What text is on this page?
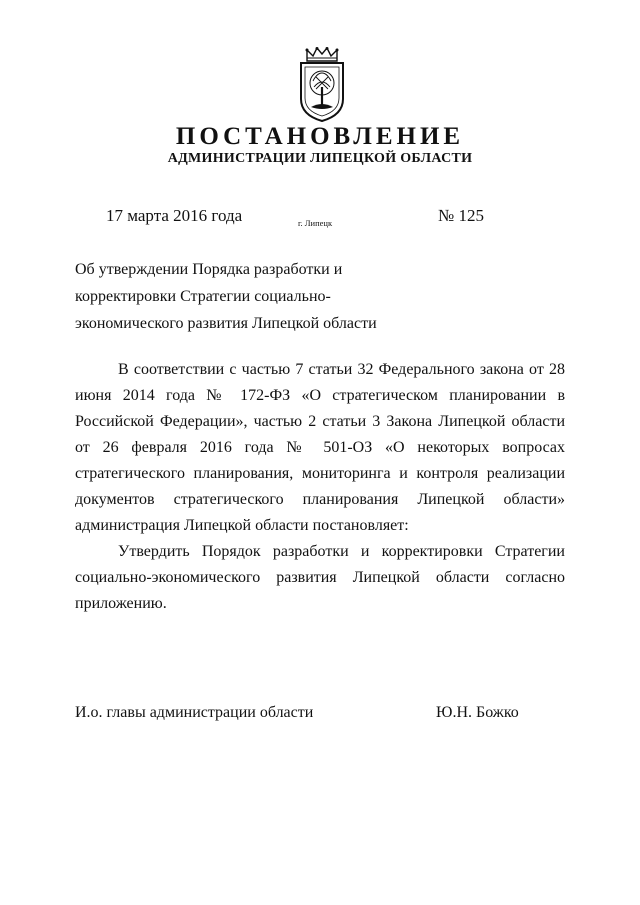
ПОСТАНОВЛЕНИЕ
АДМИНИСТРАЦИИ ЛИПЕЦКОЙ ОБЛАСТИ
17 марта 2016 года	г. Липецк	№ 125
Об утверждении Порядка разработки и
корректировки Стратегии социально-
экономического развития Липецкой области

В соответствии с частью 7 статьи 32 Федерального закона от 28 июня 2014 года № 172-ФЗ «О стратегическом планировании в Российской Федерации», частью 2 статьи 3 Закона Липецкой области от 26 февраля 2016 года № 501-ОЗ «О некоторых вопросах стратегического планирования, мониторинга и контроля реализации документов стратегического планирования Липецкой области» администрация Липецкой области постановляет:

Утвердить Порядок разработки и корректировки Стратегии социально-экономического развития Липецкой области согласно приложению.

И.о. главы администрации области	Ю.Н. Божко
